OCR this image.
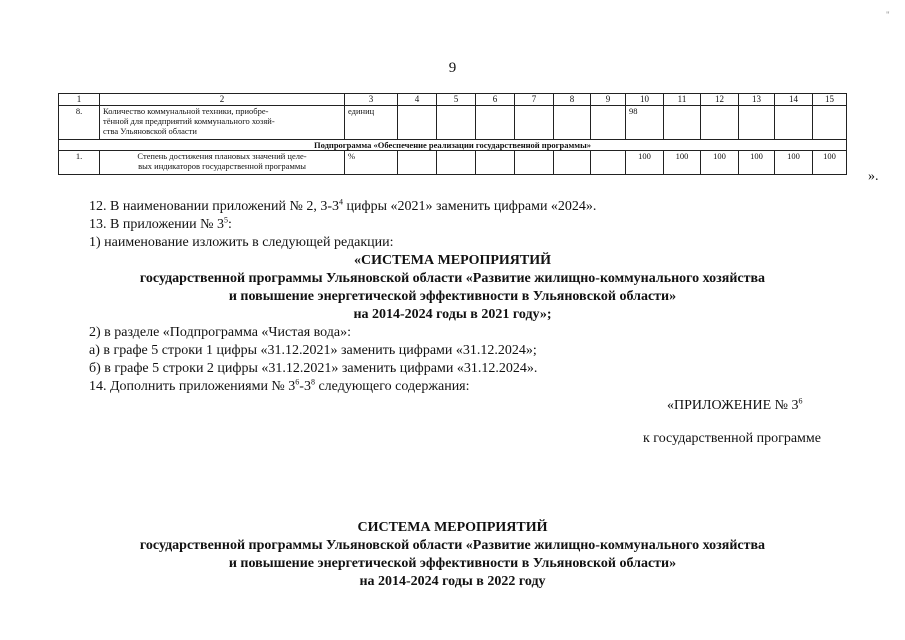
9
1	2	3	4	5	6	7	8	9	10	11	12	13	14	15
8.	Количество коммунальной техники, приобре-
тённой для предприятий коммунального хозяй-
ства Ульяновской области	единиц							98					
Подпрограмма «Обеспечение реализации государственной программы»														
1.	Степень достижения плановых значений целе-
вых индикаторов государственной программы	%							100	100	100	100	100	100
».
"
12. В наименовании приложений № 2, $3-3^4$ цифры «2021» заменить цифрами «2024».
13. В приложении № $3^5$:
1) наименование изложить в следующей редакции:
«СИСТЕМА МЕРОПРИЯТИЙ
государственной программы Ульяновской области «Развитие жилищно-коммунального хозяйства
и повышение энергетической эффективности в Ульяновской области»
на 2014-2024 годы в 2021 году»;
2) в разделе «Подпрограмма «Чистая вода»:
а) в графе 5 строки 1 цифры «31.12.2021» заменить цифрами «31.12.2024»;
б) в графе 5 строки 2 цифры «31.12.2021» заменить цифрами «31.12.2024».
14. Дополнить приложениями № $3^6-3^8$ следующего содержания:
«ПРИЛОЖЕНИЕ № $3^6$
к государственной программе
СИСТЕМА МЕРОПРИЯТИЙ
государственной программы Ульяновской области «Развитие жилищно-коммунального хозяйства
и повышение энергетической эффективности в Ульяновской области»
на 2014-2024 годы в 2022 году
